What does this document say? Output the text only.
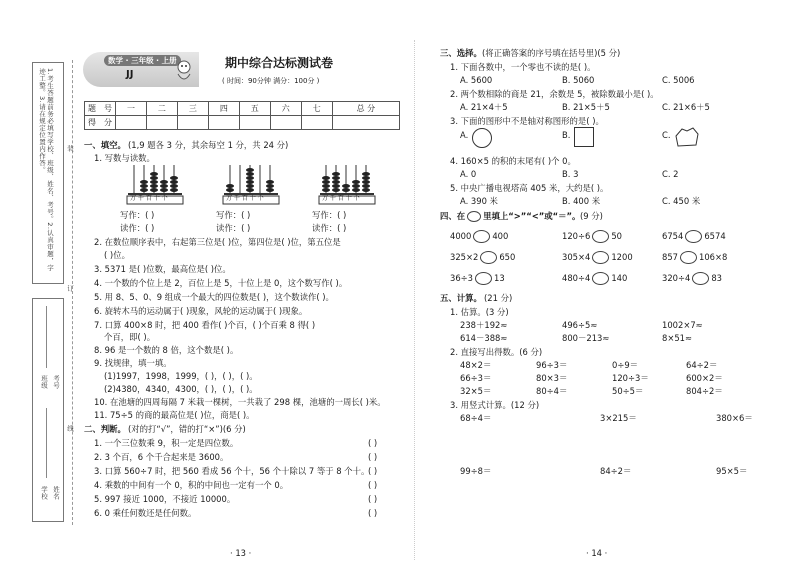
1.考生答题前务必填写学校、班级、姓名、考号。2.认真审题，字迹工整。3.请在规定位置内作答。
学校 姓名
班级 考号
装
订
线
数学 · 三年级 · 上册
JJ
期中综合达标测试卷
( 时间：90分钟 满分：100分 )
题　号	一	二	三	四	五	六	七	总 分
得　分								
一、填空。 (1,9 题各 3 分，其余每空 1 分，共 24 分)
1. 写数与读数。
万 千 百 十 个	万 千 百 十 个	万 千 百 十 个
写作：( )
读作：( )
写作：( )
读作：( )
写作：( )
读作：( )
2. 在数位顺序表中，右起第三位是( )位，第四位是( )位，第五位是
( )位。
3. 5371 是( )位数，最高位是( )位。
4. 一个数的个位上是 2，百位上是 5，十位上是 0，这个数写作( )。
5. 用 8、5、0、9 组成一个最大的四位数是( )，这个数读作( )。
6. 旋转木马的运动属于( )现象，风轮的运动属于( )现象。
7. 口算 400×8 时，把 400 看作( )个百，( )个百乘 8 得( )
个百，即( )。
8. 96 是一个数的 8 倍，这个数是( )。
9. 找规律，填一填。
(1)1997，1998，1999，( )，( )，( )。
(2)4380，4340，4300，( )，( )，( )。
10. 在池塘的四周每隔 7 米栽一棵树，一共栽了 298 棵，池塘的一周长( )米。
11. 75÷5 的商的最高位是( )位，商是( )。
二、判断。 (对的打“√”，错的打“×”)(6 分)
1. 一个三位数乘 9，积一定是四位数。	( )
2. 3 个百，6 个千合起来是 3600。	( )
3. 口算 560÷7 时，把 560 看成 56 个十，56 个十除以 7 等于 8 个十。
( )
4. 乘数的中间有一个 0，积的中间也一定有一个 0。	( )
5. 997 接近 1000，不接近 10000。	( )
6. 0 乘任何数还是任何数。	( )
· 13 ·
三、选择。 (将正确答案的序号填在括号里)(5 分)
1. 下面各数中，一个零也不读的是( )。
A. 5600	B. 5060	C. 5006
2. 两个数相除的商是 21，余数是 5，被除数最小是( )。
A. 21×4＋5	B. 21×5＋5	C. 21×6＋5
3. 下面的图形中不是轴对称图形的是( )。
A.	B.	C.
4. 160×5 的积的末尾有( )个 0。
A. 0	B. 3	C. 2
5. 中央广播电视塔高 405 米，大约是( )。
A. 390 米	B. 400 米	C. 450 米
四、在 里填上“>”“<”或“＝”。 (9 分)
4000	400	120÷6	50	6754	6574
325×2	650	305×4	1200	857	106×8
36÷3	13	480÷4	140	320÷4	83
五、计算。 (21 分)
1. 估算。(3 分)
238＋192≈	496÷5≈	1002×7≈
614－388≈	800－213≈	8×51≈
2. 直接写出得数。(6 分)
48×2＝	96÷3＝	0÷9＝	64÷2＝
66÷3＝	80×3＝	120÷3＝	600×2＝
32×5＝	80÷4＝	50÷5＝	804÷2＝
3. 用竖式计算。(12 分)
68÷4＝	3×215＝	380×6＝
99÷8＝	84÷2＝	95×5＝
· 14 ·
